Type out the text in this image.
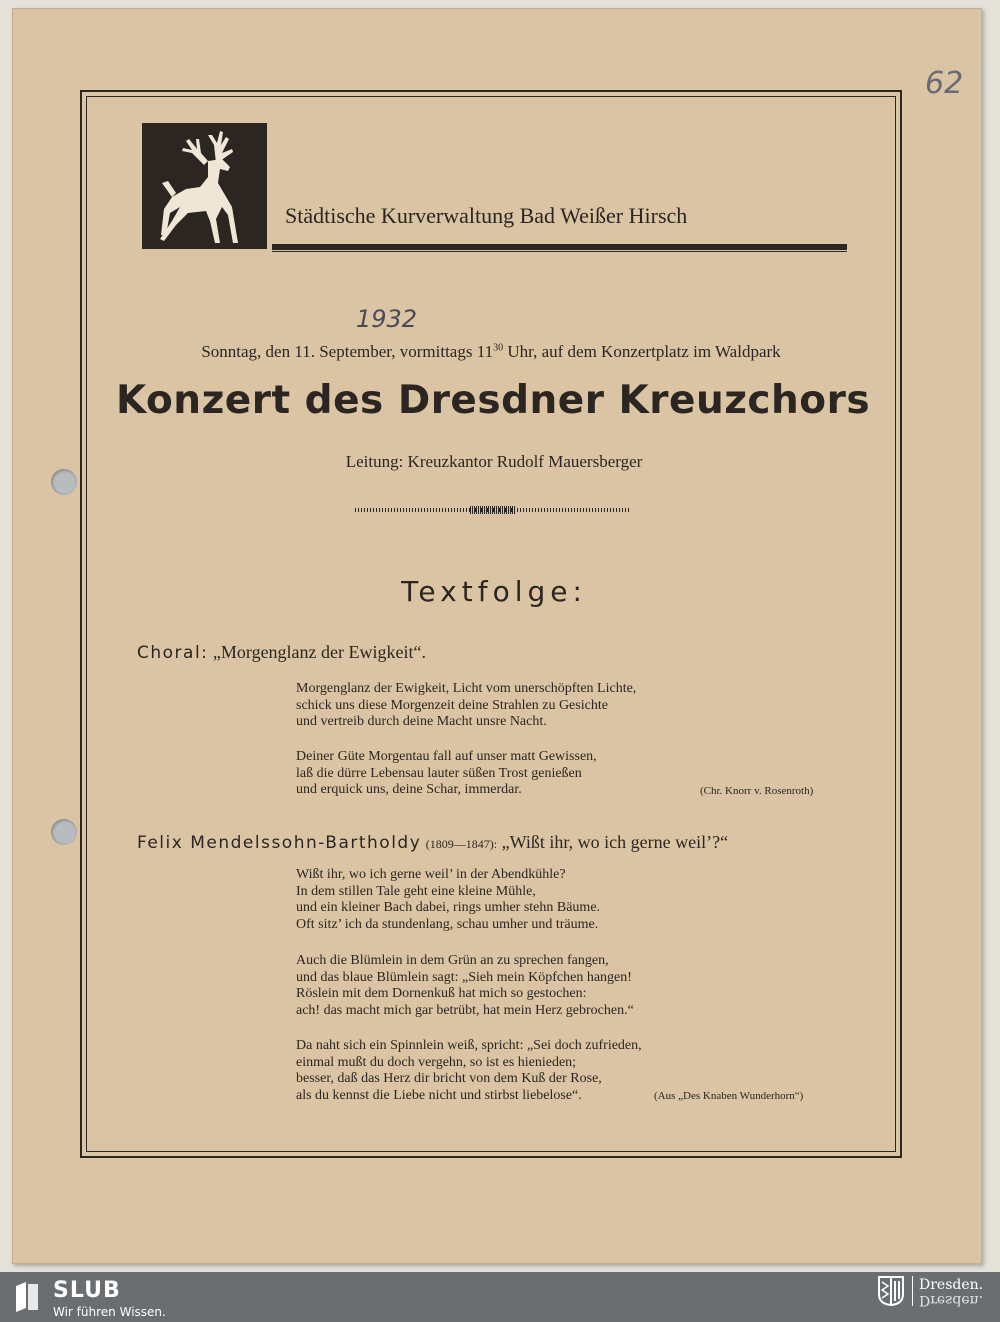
62
Städtische Kurverwaltung Bad Weißer Hirsch
1932
Sonntag, den 11. September, vormittags $11^{30}$ Uhr, auf dem Konzertplatz im Waldpark
Konzert des Dresdner Kreuzchors
Leitung: Kreuzkantor Rudolf Mauersberger
Textfolge:
Choral: „Morgenglanz der Ewigkeit“.
Morgenglanz der Ewigkeit, Licht vom unerschöpften Lichte,
schick uns diese Morgenzeit deine Strahlen zu Gesichte
und vertreib durch deine Macht unsre Nacht.
Deiner Güte Morgentau fall auf unser matt Gewissen,
laß die dürre Lebensau lauter süßen Trost genießen
und erquick uns, deine Schar, immerdar.	(Chr. Knorr v. Rosenroth)
Felix Mendelssohn-Bartholdy (1809—1847): „Wißt ihr, wo ich gerne weil’?“
Wißt ihr, wo ich gerne weil’ in der Abendkühle?
In dem stillen Tale geht eine kleine Mühle,
und ein kleiner Bach dabei, rings umher stehn Bäume.
Oft sitz’ ich da stundenlang, schau umher und träume.
Auch die Blümlein in dem Grün an zu sprechen fangen,
und das blaue Blümlein sagt: „Sieh mein Köpfchen hangen!
Röslein mit dem Dornenkuß hat mich so gestochen:
ach! das macht mich gar betrübt, hat mein Herz gebrochen.“
Da naht sich ein Spinnlein weiß, spricht: „Sei doch zufrieden,
einmal mußt du doch vergehn, so ist es hienieden;
besser, daß das Herz dir bricht von dem Kuß der Rose,
als du kennst die Liebe nicht und stirbst liebelose“.	(Aus „Des Knaben Wunderhorn“)
SLUB
Wir führen Wissen.
Dresden.
Dresden.
